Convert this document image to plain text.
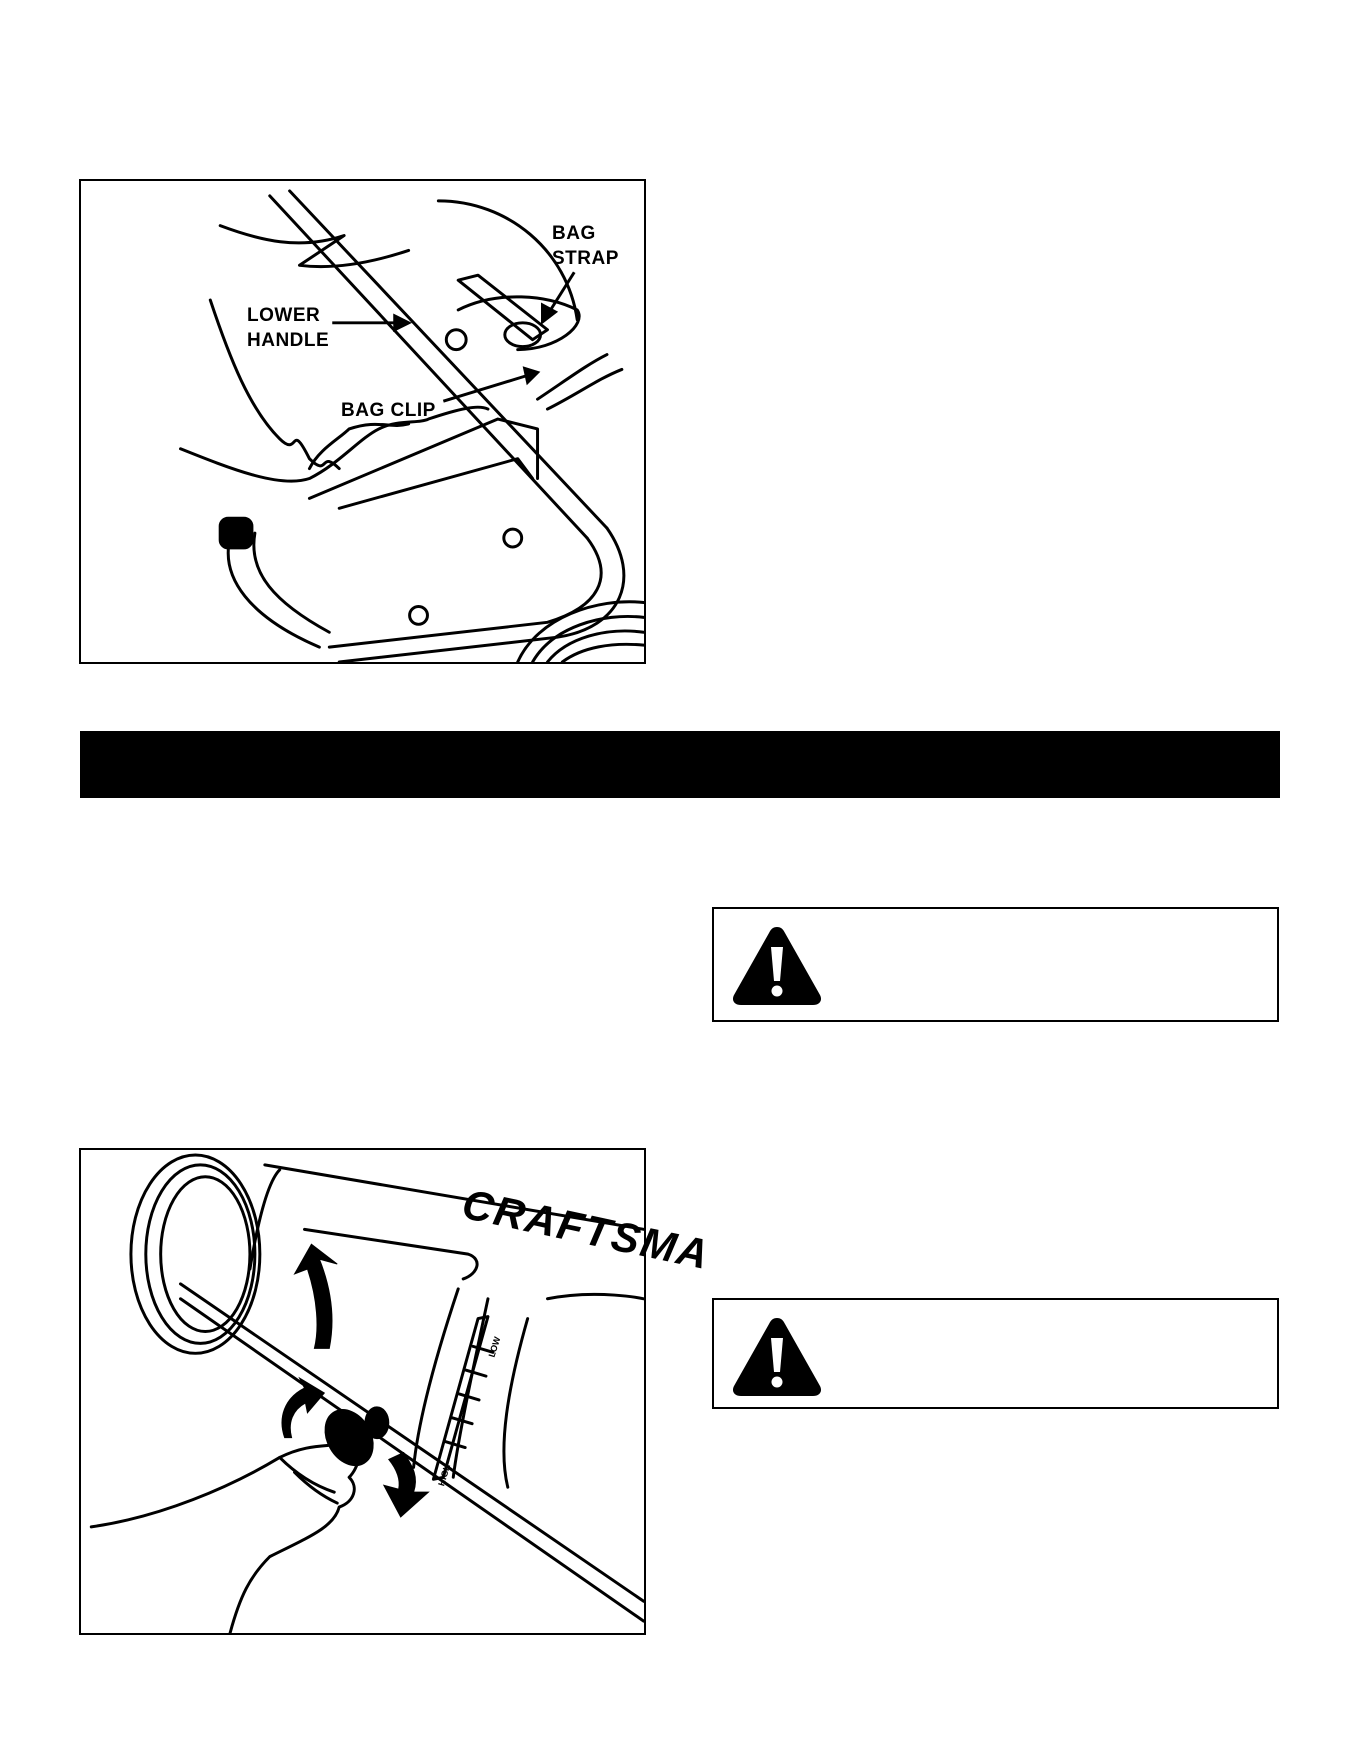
BAG
STRAP
LOWER
HANDLE
BAG CLIP
CRAFTSMA
LOW
HIGH
